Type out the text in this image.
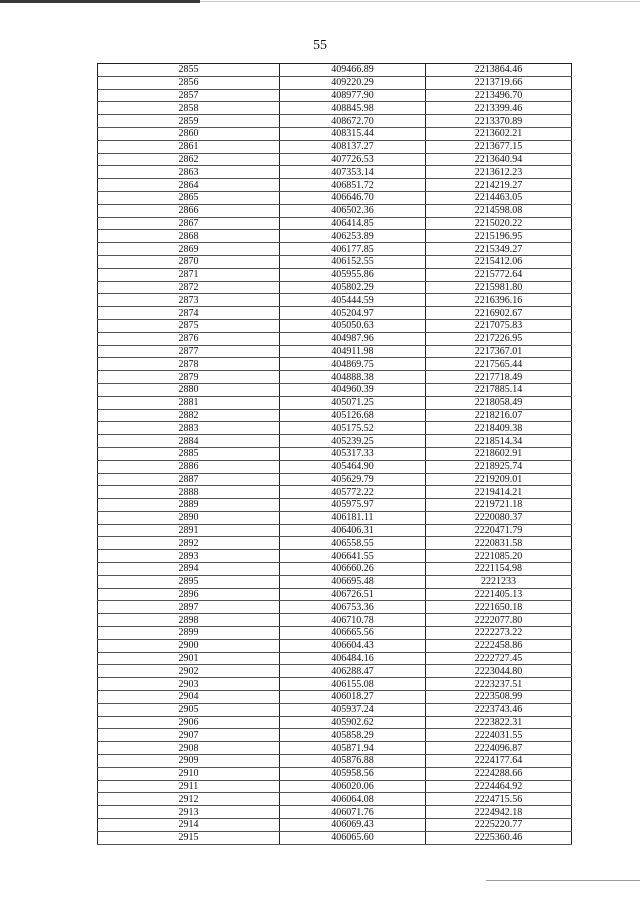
55
2855	409466.89	2213864.46
2856	409220.29	2213719.66
2857	408977.90	2213496.70
2858	408845.98	2213399.46
2859	408672.70	2213370.89
2860	408315.44	2213602.21
2861	408137.27	2213677.15
2862	407726.53	2213640.94
2863	407353.14	2213612.23
2864	406851.72	2214219.27
2865	406646.70	2214463.05
2866	406502.36	2214598.08
2867	406414.85	2215020.22
2868	406253.89	2215196.95
2869	406177.85	2215349.27
2870	406152.55	2215412.06
2871	405955.86	2215772.64
2872	405802.29	2215981.80
2873	405444.59	2216396.16
2874	405204.97	2216902.67
2875	405050.63	2217075.83
2876	404987.96	2217226.95
2877	404911.98	2217367.01
2878	404869.75	2217565.44
2879	404888.38	2217718.49
2880	404960.39	2217885.14
2881	405071.25	2218058.49
2882	405126.68	2218216.07
2883	405175.52	2218409.38
2884	405239.25	2218514.34
2885	405317.33	2218602.91
2886	405464.90	2218925.74
2887	405629.79	2219209.01
2888	405772.22	2219414.21
2889	405975.97	2219721.18
2890	406181.11	2220080.37
2891	406406.31	2220471.79
2892	406558.55	2220831.58
2893	406641.55	2221085.20
2894	406660.26	2221154.98
2895	406695.48	2221233
2896	406726.51	2221405.13
2897	406753.36	2221650.18
2898	406710.78	2222077.80
2899	406665.56	2222273.22
2900	406604.43	2222458.86
2901	406484.16	2222727.45
2902	406288.47	2223044.80
2903	406155.08	2223237.51
2904	406018.27	2223508.99
2905	405937.24	2223743.46
2906	405902.62	2223822.31
2907	405858.29	2224031.55
2908	405871.94	2224096.87
2909	405876.88	2224177.64
2910	405958.56	2224288.66
2911	406020.06	2224464.92
2912	406064.08	2224715.56
2913	406071.76	2224942.18
2914	406069.43	2225220.77
2915	406065.60	2225360.46
